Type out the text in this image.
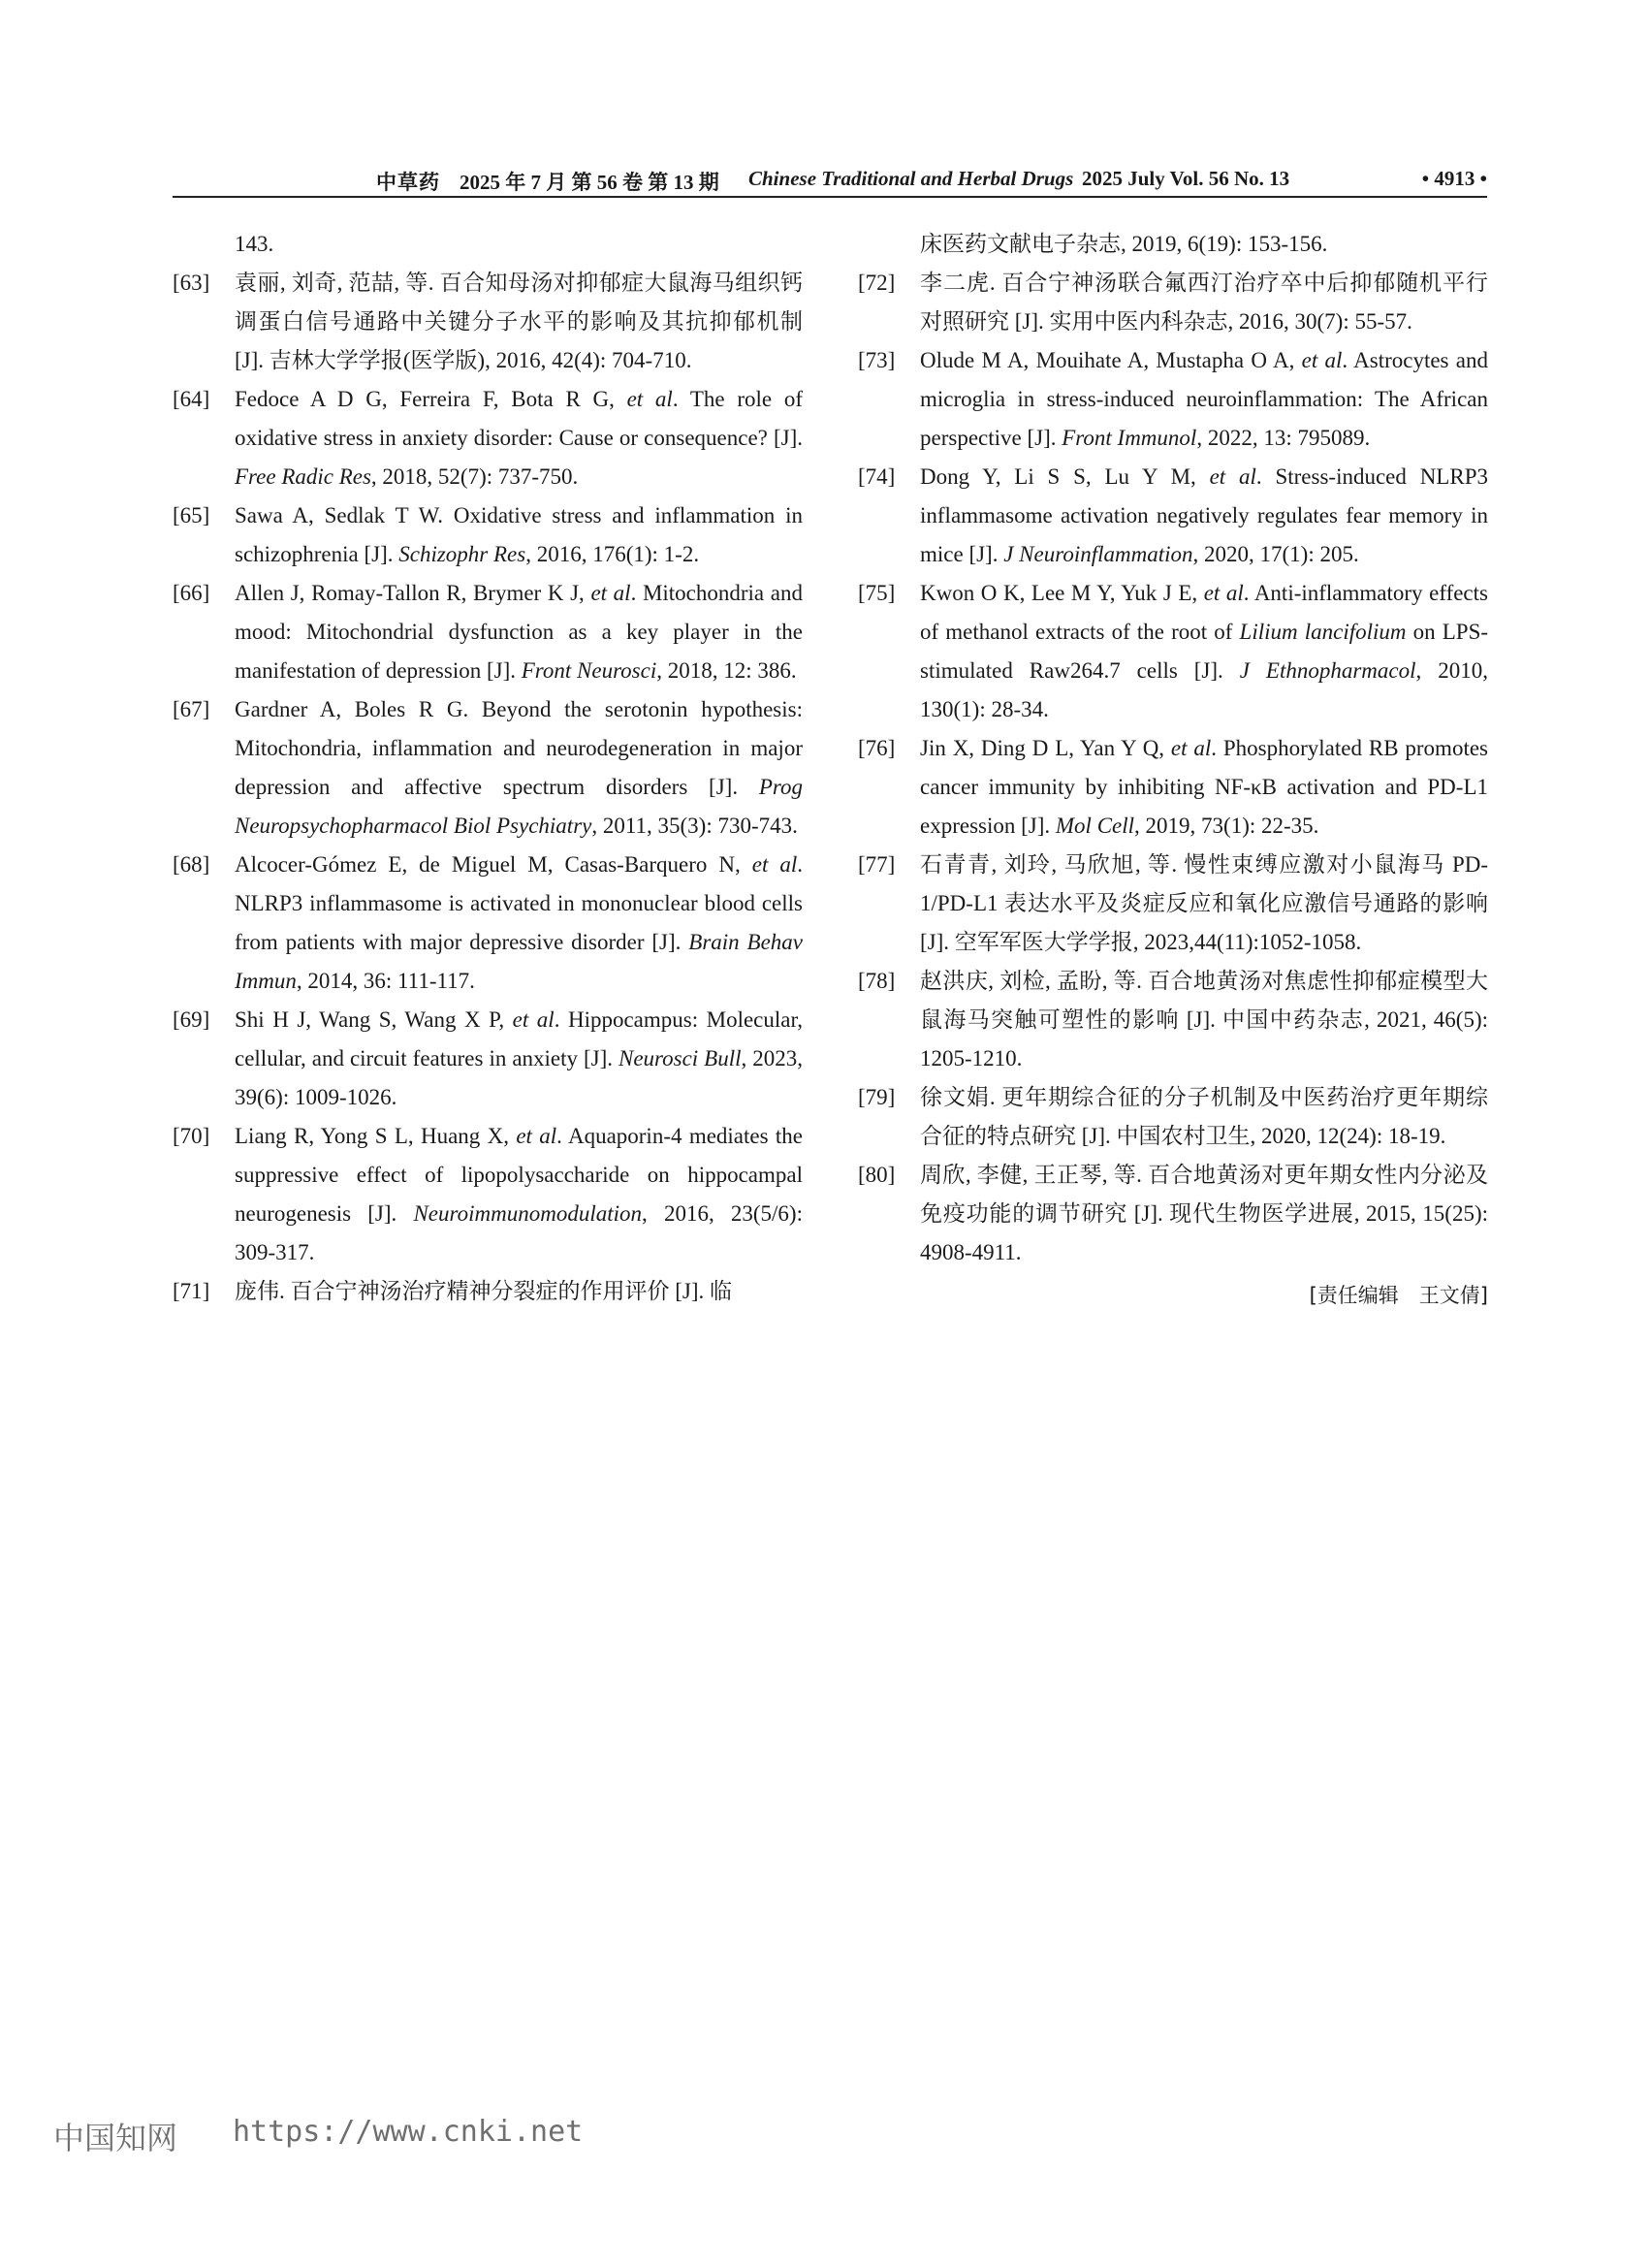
中草药 2025 年 7 月 第 56 卷 第 13 期 Chinese Traditional and Herbal Drugs 2025 July Vol. 56 No. 13	• 4913 •
143.
[63] 袁丽, 刘奇, 范喆, 等. 百合知母汤对抑郁症大鼠海马组织钙调蛋白信号通路中关键分子水平的影响及其抗抑郁机制 [J]. 吉林大学学报(医学版), 2016, 42(4): 704-710.
[64] Fedoce A D G, Ferreira F, Bota R G, et al. The role of oxidative stress in anxiety disorder: Cause or consequence? [J]. Free Radic Res, 2018, 52(7): 737-750.
[65] Sawa A, Sedlak T W. Oxidative stress and inflammation in schizophrenia [J]. Schizophr Res, 2016, 176(1): 1-2.
[66] Allen J, Romay-Tallon R, Brymer K J, et al. Mitochondria and mood: Mitochondrial dysfunction as a key player in the manifestation of depression [J]. Front Neurosci, 2018, 12: 386.
[67] Gardner A, Boles R G. Beyond the serotonin hypothesis: Mitochondria, inflammation and neurodegeneration in major depression and affective spectrum disorders [J]. Prog Neuropsychopharmacol Biol Psychiatry, 2011, 35(3): 730-743.
[68] Alcocer-Gómez E, de Miguel M, Casas-Barquero N, et al. NLRP3 inflammasome is activated in mononuclear blood cells from patients with major depressive disorder [J]. Brain Behav Immun, 2014, 36: 111-117.
[69] Shi H J, Wang S, Wang X P, et al. Hippocampus: Molecular, cellular, and circuit features in anxiety [J]. Neurosci Bull, 2023, 39(6): 1009-1026.
[70] Liang R, Yong S L, Huang X, et al. Aquaporin-4 mediates the suppressive effect of lipopolysaccharide on hippocampal neurogenesis [J]. Neuroimmunomodulation, 2016, 23(5/6): 309-317.
[71] 庞伟. 百合宁神汤治疗精神分裂症的作用评价 [J]. 临
床医药文献电子杂志, 2019, 6(19): 153-156.
[72] 李二虎. 百合宁神汤联合氟西汀治疗卒中后抑郁随机平行对照研究 [J]. 实用中医内科杂志, 2016, 30(7): 55-57.
[73] Olude M A, Mouihate A, Mustapha O A, et al. Astrocytes and microglia in stress-induced neuroinflammation: The African perspective [J]. Front Immunol, 2022, 13: 795089.
[74] Dong Y, Li S S, Lu Y M, et al. Stress-induced NLRP3 inflammasome activation negatively regulates fear memory in mice [J]. J Neuroinflammation, 2020, 17(1): 205.
[75] Kwon O K, Lee M Y, Yuk J E, et al. Anti-inflammatory effects of methanol extracts of the root of Lilium lancifolium on LPS-stimulated Raw264.7 cells [J]. J Ethnopharmacol, 2010, 130(1): 28-34.
[76] Jin X, Ding D L, Yan Y Q, et al. Phosphorylated RB promotes cancer immunity by inhibiting NF-κB activation and PD-L1 expression [J]. Mol Cell, 2019, 73(1): 22-35.
[77] 石青青, 刘玲, 马欣旭, 等. 慢性束缚应激对小鼠海马 PD-1/PD-L1 表达水平及炎症反应和氧化应激信号通路的影响 [J]. 空军军医大学学报, 2023,44(11):1052-1058.
[78] 赵洪庆, 刘检, 孟盼, 等. 百合地黄汤对焦虑性抑郁症模型大鼠海马突触可塑性的影响 [J]. 中国中药杂志, 2021, 46(5): 1205-1210.
[79] 徐文娟. 更年期综合征的分子机制及中医药治疗更年期综合征的特点研究 [J]. 中国农村卫生, 2020, 12(24): 18-19.
[80] 周欣, 李健, 王正琴, 等. 百合地黄汤对更年期女性内分泌及免疫功能的调节研究 [J]. 现代生物医学进展, 2015, 15(25): 4908-4911.
[责任编辑　王文倩]
中国知网 https://www.cnki.net
